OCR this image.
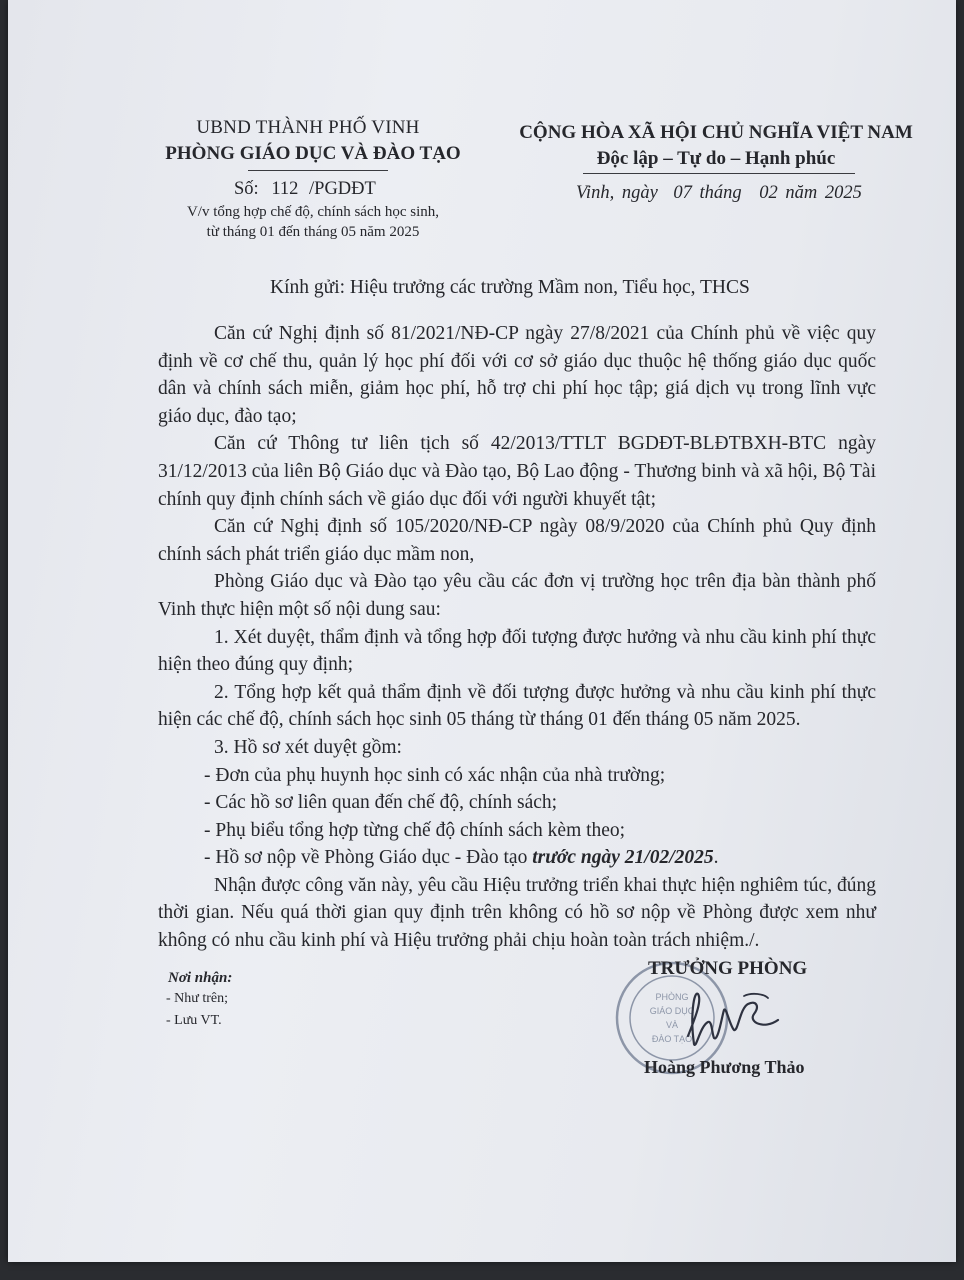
UBND THÀNH PHỐ VINH
PHÒNG GIÁO DỤC VÀ ĐÀO TẠO
Số: 112 /PGDĐT
V/v tổng hợp chế độ, chính sách học sinh,
từ tháng 01 đến tháng 05 năm 2025
CỘNG HÒA XÃ HỘI CHỦ NGHĨA VIỆT NAM
Độc lập – Tự do – Hạnh phúc
Vinh, ngày 07 tháng 02 năm 2025
Kính gửi: Hiệu trưởng các trường Mầm non, Tiểu học, THCS

Căn cứ Nghị định số 81/2021/NĐ-CP ngày 27/8/2021 của Chính phủ về việc quy định về cơ chế thu, quản lý học phí đối với cơ sở giáo dục thuộc hệ thống giáo dục quốc dân và chính sách miễn, giảm học phí, hỗ trợ chi phí học tập; giá dịch vụ trong lĩnh vực giáo dục, đào tạo;

Căn cứ Thông tư liên tịch số 42/2013/TTLT BGDĐT-BLĐTBXH-BTC ngày 31/12/2013 của liên Bộ Giáo dục và Đào tạo, Bộ Lao động - Thương binh và xã hội, Bộ Tài chính quy định chính sách về giáo dục đối với người khuyết tật;

Căn cứ Nghị định số 105/2020/NĐ-CP ngày 08/9/2020 của Chính phủ Quy định chính sách phát triển giáo dục mầm non,

Phòng Giáo dục và Đào tạo yêu cầu các đơn vị trường học trên địa bàn thành phố Vinh thực hiện một số nội dung sau:

1. Xét duyệt, thẩm định và tổng hợp đối tượng được hưởng và nhu cầu kinh phí thực hiện theo đúng quy định;

2. Tổng hợp kết quả thẩm định về đối tượng được hưởng và nhu cầu kinh phí thực hiện các chế độ, chính sách học sinh 05 tháng từ tháng 01 đến tháng 05 năm 2025.

3. Hồ sơ xét duyệt gồm:

- Đơn của phụ huynh học sinh có xác nhận của nhà trường;

- Các hồ sơ liên quan đến chế độ, chính sách;

- Phụ biểu tổng hợp từng chế độ chính sách kèm theo;

- Hồ sơ nộp về Phòng Giáo dục - Đào tạo trước ngày 21/02/2025.

Nhận được công văn này, yêu cầu Hiệu trưởng triển khai thực hiện nghiêm túc, đúng thời gian. Nếu quá thời gian quy định trên không có hồ sơ nộp về Phòng được xem như không có nhu cầu kinh phí và Hiệu trưởng phải chịu hoàn toàn trách nhiệm./.

Nơi nhận:
- Như trên;
- Lưu VT.
PHÒNG
GIÁO DỤC
VÀ
ĐÀO TẠO
TRƯỞNG PHÒNG
Hoàng Phương Thảo
